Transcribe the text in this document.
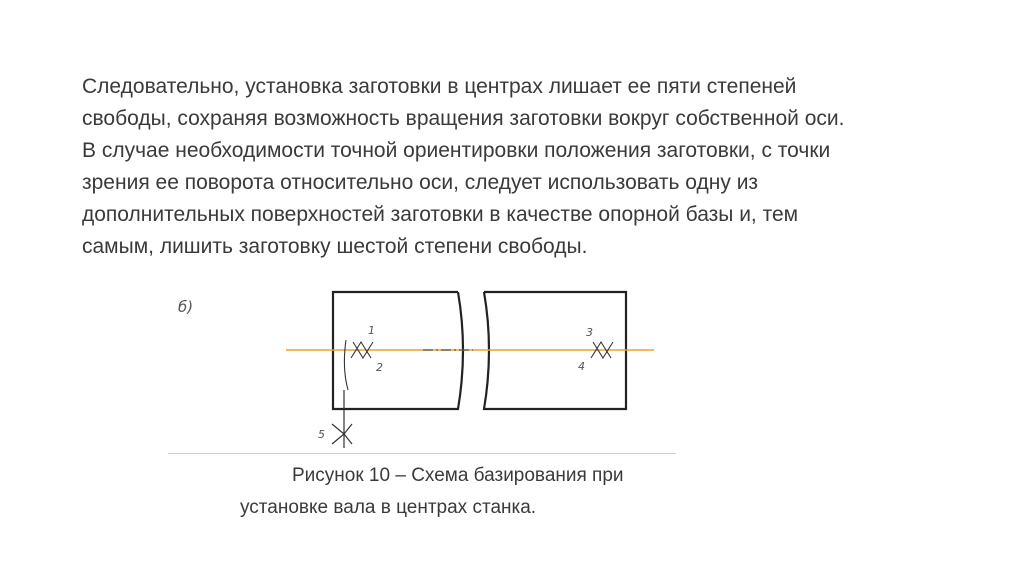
Следовательно, установка заготовки в центрах лишает ее пяти степеней
свободы, сохраняя возможность вращения заготовки вокруг собственной оси.
В случае необходимости точной ориентировки положения заготовки, с точки
зрения ее поворота относительно оси, следует использовать одну из
дополнительных поверхностей заготовки в качестве опорной базы и, тем
самым, лишить заготовку шестой степени свободы.

б)
1
2
3
4
5

Рисунок 10 – Схема базирования при
установке вала в центрах станка.
